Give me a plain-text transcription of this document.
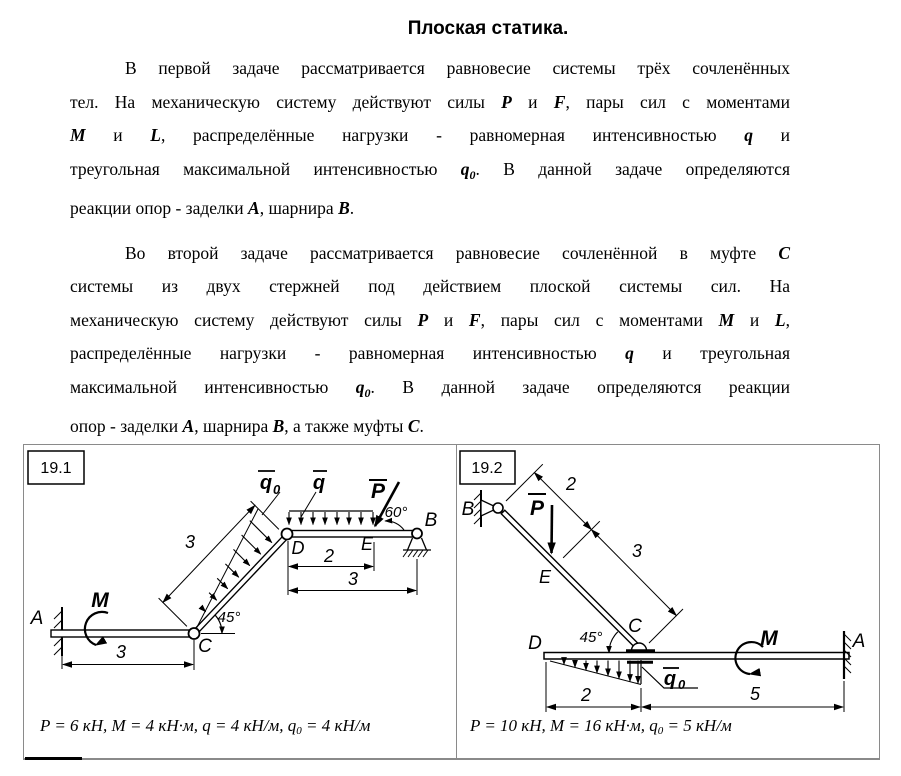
Плоская статика.
В первой задаче рассматривается равновесие системы трёх сочленённых
тел. На механическую систему действуют силы P и F, пары сил с моментами
M и L, распределённые нагрузки - равномерная интенсивностью q и
треугольная максимальной интенсивностью $q_0$. В данной задаче определяются
реакции опор - заделки A, шарнира B.
Во второй задаче рассматривается равновесие сочленённой в муфте C
системы из двух стержней под действием плоской системы сил. На
механическую систему действуют силы P и F, пары сил с моментами M и L,
распределённые нагрузки - равномерная интенсивностью q и треугольная
максимальной интенсивностью $q_0$. В данной задаче определяются реакции
опор - заделки A, шарнира B, а также муфты C.
19.1
A
M
3
45°
q 0
3
q P
60°
C
D	E
B
2
3
19.2
B
2
3
P
E
45°
C
D
q 0
M	A
2	5
P = 6 кН, M = 4 кН·м, q = 4 кН/м, $q_0 = 4$ кН/м	P = 10 кН, M = 16 кН·м, $q_0 = 5$ кН/м
